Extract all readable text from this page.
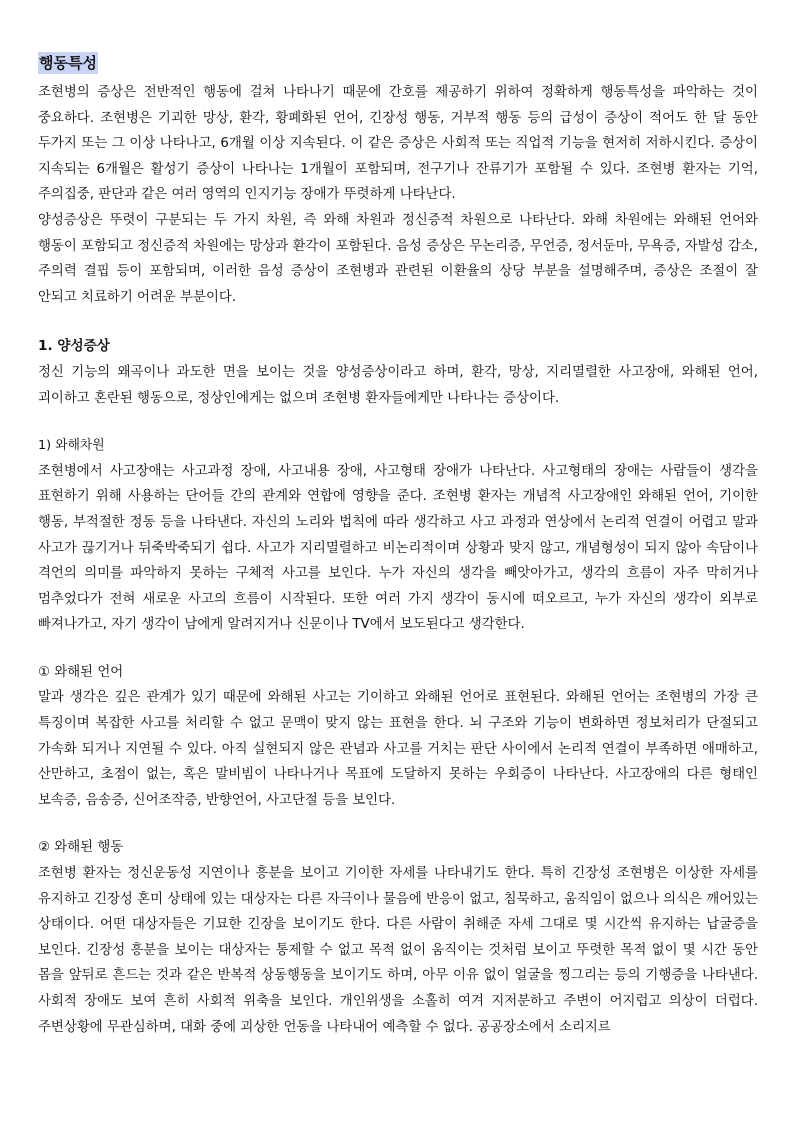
행동특성

조현병의 증상은 전반적인 행동에 걸쳐 나타나기 때문에 간호를 제공하기 위하여 정확하게 행동특성을 파악하는 것이 중요하다. 조현병은 기괴한 망상, 환각, 황폐화된 언어, 긴장성 행동, 거부적 행동 등의 급성이 증상이 적어도 한 달 동안 두가지 또는 그 이상 나타나고, 6개월 이상 지속된다. 이 같은 증상은 사회적 또는 직업적 기능을 현저히 저하시킨다. 증상이 지속되는 6개월은 활성기 증상이 나타나는 1개월이 포함되며, 전구기나 잔류기가 포함될 수 있다. 조현병 환자는 기억, 주의집중, 판단과 같은 여러 영역의 인지기능 장애가 뚜렷하게 나타난다.

양성증상은 뚜렷이 구분되는 두 가지 차원, 즉 와해 차원과 정신증적 차원으로 나타난다. 와해 차원에는 와해된 언어와 행동이 포함되고 정신증적 차원에는 망상과 환각이 포함된다. 음성 증상은 무논리증, 무언증, 정서둔마, 무욕증, 자발성 감소, 주의력 결핍 등이 포함되며, 이러한 음성 증상이 조현병과 관련된 이환율의 상당 부분을 설명해주며, 증상은 조절이 잘 안되고 치료하기 어려운 부분이다.

1. 양성증상

정신 기능의 왜곡이나 과도한 면을 보이는 것을 양성증상이라고 하며, 환각, 망상, 지리멸렬한 사고장애, 와해된 언어, 괴이하고 혼란된 행동으로, 정상인에게는 없으며 조현병 환자들에게만 나타나는 증상이다.

1) 와해차원

조현병에서 사고장애는 사고과정 장애, 사고내용 장애, 사고형태 장애가 나타난다. 사고형태의 장애는 사람들이 생각을 표현하기 위해 사용하는 단어들 간의 관계와 연합에 영향을 준다. 조현병 환자는 개념적 사고장애인 와해된 언어, 기이한 행동, 부적절한 정동 등을 나타낸다. 자신의 노리와 법칙에 따라 생각하고 사고 과정과 연상에서 논리적 연결이 어렵고 말과 사고가 끊기거나 뒤죽박죽되기 쉽다. 사고가 지리멸렬하고 비논리적이며 상황과 맞지 않고, 개념형성이 되지 않아 속담이나 격언의 의미를 파악하지 못하는 구체적 사고를 보인다. 누가 자신의 생각을 빼앗아가고, 생각의 흐름이 자주 막히거나 멈추었다가 전혀 새로운 사고의 흐름이 시작된다. 또한 여러 가지 생각이 동시에 떠오르고, 누가 자신의 생각이 외부로 빠져나가고, 자기 생각이 남에게 알려지거나 신문이나 TV에서 보도된다고 생각한다.

① 와해된 언어

말과 생각은 깊은 관계가 있기 때문에 와해된 사고는 기이하고 와해된 언어로 표현된다. 와해된 언어는 조현병의 가장 큰 특징이며 복잡한 사고를 처리할 수 없고 문맥이 맞지 않는 표현을 한다. 뇌 구조와 기능이 변화하면 정보처리가 단절되고 가속화 되거나 지연될 수 있다. 아직 실현되지 않은 관념과 사고를 거치는 판단 사이에서 논리적 연결이 부족하면 애매하고, 산만하고, 초점이 없는, 혹은 말비빔이 나타나거나 목표에 도달하지 못하는 우회증이 나타난다. 사고장애의 다른 형태인 보속증, 음송증, 신어조작증, 반향언어, 사고단절 등을 보인다.

② 와해된 행동

조현병 환자는 정신운동성 지연이나 흥분을 보이고 기이한 자세를 나타내기도 한다. 특히 긴장성 조현병은 이상한 자세를 유지하고 긴장성 혼미 상태에 있는 대상자는 다른 자극이나 물음에 반응이 없고, 침묵하고, 움직임이 없으나 의식은 깨어있는 상태이다. 어떤 대상자들은 기묘한 긴장을 보이기도 한다. 다른 사람이 취해준 자세 그대로 몇 시간씩 유지하는 납굴증을 보인다. 긴장성 흥분을 보이는 대상자는 통제할 수 없고 목적 없이 움직이는 것처럼 보이고 뚜렷한 목적 없이 몇 시간 동안 몸을 앞뒤로 흔드는 것과 같은 반복적 상동행동을 보이기도 하며, 아무 이유 없이 얼굴을 찡그리는 등의 기행증을 나타낸다. 사회적 장애도 보여 흔히 사회적 위축을 보인다. 개인위생을 소홀히 여겨 지저분하고 주변이 어지럽고 의상이 더럽다. 주변상황에 무관심하며, 대화 중에 괴상한 언동을 나타내어 예측할 수 없다. 공공장소에서 소리지르
